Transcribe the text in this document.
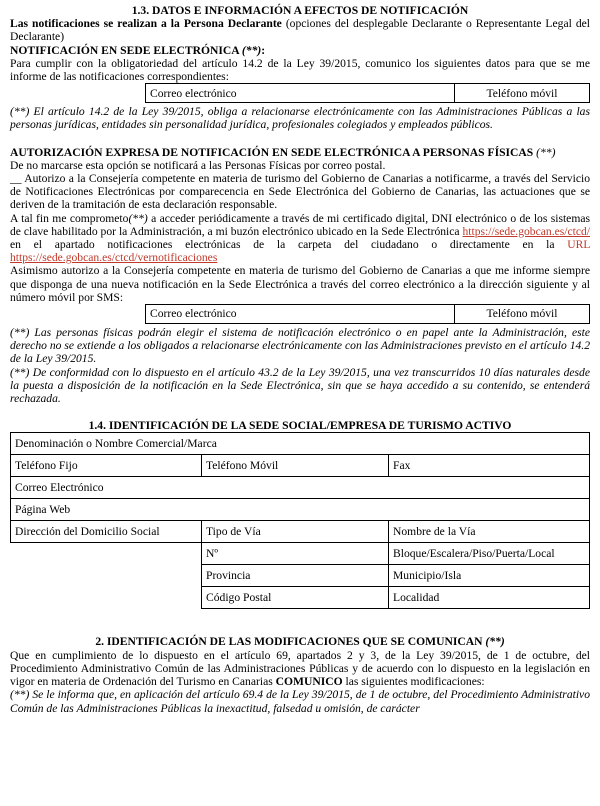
1.3. DATOS E INFORMACIÓN A EFECTOS DE NOTIFICACIÓN

Las notificaciones se realizan a la Persona Declarante (opciones del desplegable Declarante o Representante Legal del Declarante)

NOTIFICACIÓN EN SEDE ELECTRÓNICA (**):

Para cumplir con la obligatoriedad del artículo 14.2 de la Ley 39/2015, comunico los siguientes datos para que se me informe de las notificaciones correspondientes:

Correo electrónico	Teléfono móvil

(**) El artículo 14.2 de la Ley 39/2015, obliga a relacionarse electrónicamente con las Administraciones Públicas a las personas jurídicas, entidades sin personalidad jurídica, profesionales colegiados y empleados públicos.

AUTORIZACIÓN EXPRESA DE NOTIFICACIÓN EN SEDE ELECTRÓNICA A PERSONAS FÍSICAS (**)

De no marcarse esta opción se notificará a las Personas Físicas por correo postal.

__ Autorizo a la Consejería competente en materia de turismo del Gobierno de Canarias a notificarme, a través del Servicio de Notificaciones Electrónicas por comparecencia en Sede Electrónica del Gobierno de Canarias, las actuaciones que se deriven de la tramitación de esta declaración responsable.

A tal fin me comprometo(**) a acceder periódicamente a través de mi certificado digital, DNI electrónico o de los sistemas de clave habilitado por la Administración, a mi buzón electrónico ubicado en la Sede Electrónica https://sede.gobcan.es/ctcd/ en el apartado notificaciones electrónicas de la carpeta del ciudadano o directamente en la URL https://sede.gobcan.es/ctcd/vernotificaciones

Asimismo autorizo a la Consejería competente en materia de turismo del Gobierno de Canarias a que me informe siempre que disponga de una nueva notificación en la Sede Electrónica a través del correo electrónico a la dirección siguiente y al número móvil por SMS:

Correo electrónico	Teléfono móvil

(**) Las personas físicas podrán elegir el sistema de notificación electrónico o en papel ante la Administración, este derecho no se extiende a los obligados a relacionarse electrónicamente con las Administraciones previsto en el artículo 14.2 de la Ley 39/2015.

(**) De conformidad con lo dispuesto en el artículo 43.2 de la Ley 39/2015, una vez transcurridos 10 días naturales desde la puesta a disposición de la notificación en la Sede Electrónica, sin que se haya accedido a su contenido, se entenderá rechazada.

1.4. IDENTIFICACIÓN DE LA SEDE SOCIAL/EMPRESA DE TURISMO ACTIVO

Denominación o Nombre Comercial/Marca		
Teléfono Fijo	Teléfono Móvil	Fax
Correo Electrónico		
Página Web		
Dirección del Domicilio Social	Tipo de Vía	Nombre de la Vía
	Nº	Bloque/Escalera/Piso/Puerta/Local
	Provincia	Municipio/Isla
	Código Postal	Localidad

2. IDENTIFICACIÓN DE LAS MODIFICACIONES QUE SE COMUNICAN (**)

Que en cumplimiento de lo dispuesto en el artículo 69, apartados 2 y 3, de la Ley 39/2015, de 1 de octubre, del Procedimiento Administrativo Común de las Administraciones Públicas y de acuerdo con lo dispuesto en la legislación en vigor en materia de Ordenación del Turismo en Canarias COMUNICO las siguientes modificaciones:

(**) Se le informa que, en aplicación del artículo 69.4 de la Ley 39/2015, de 1 de octubre, del Procedimiento Administrativo Común de las Administraciones Públicas la inexactitud, falsedad u omisión, de carácter
